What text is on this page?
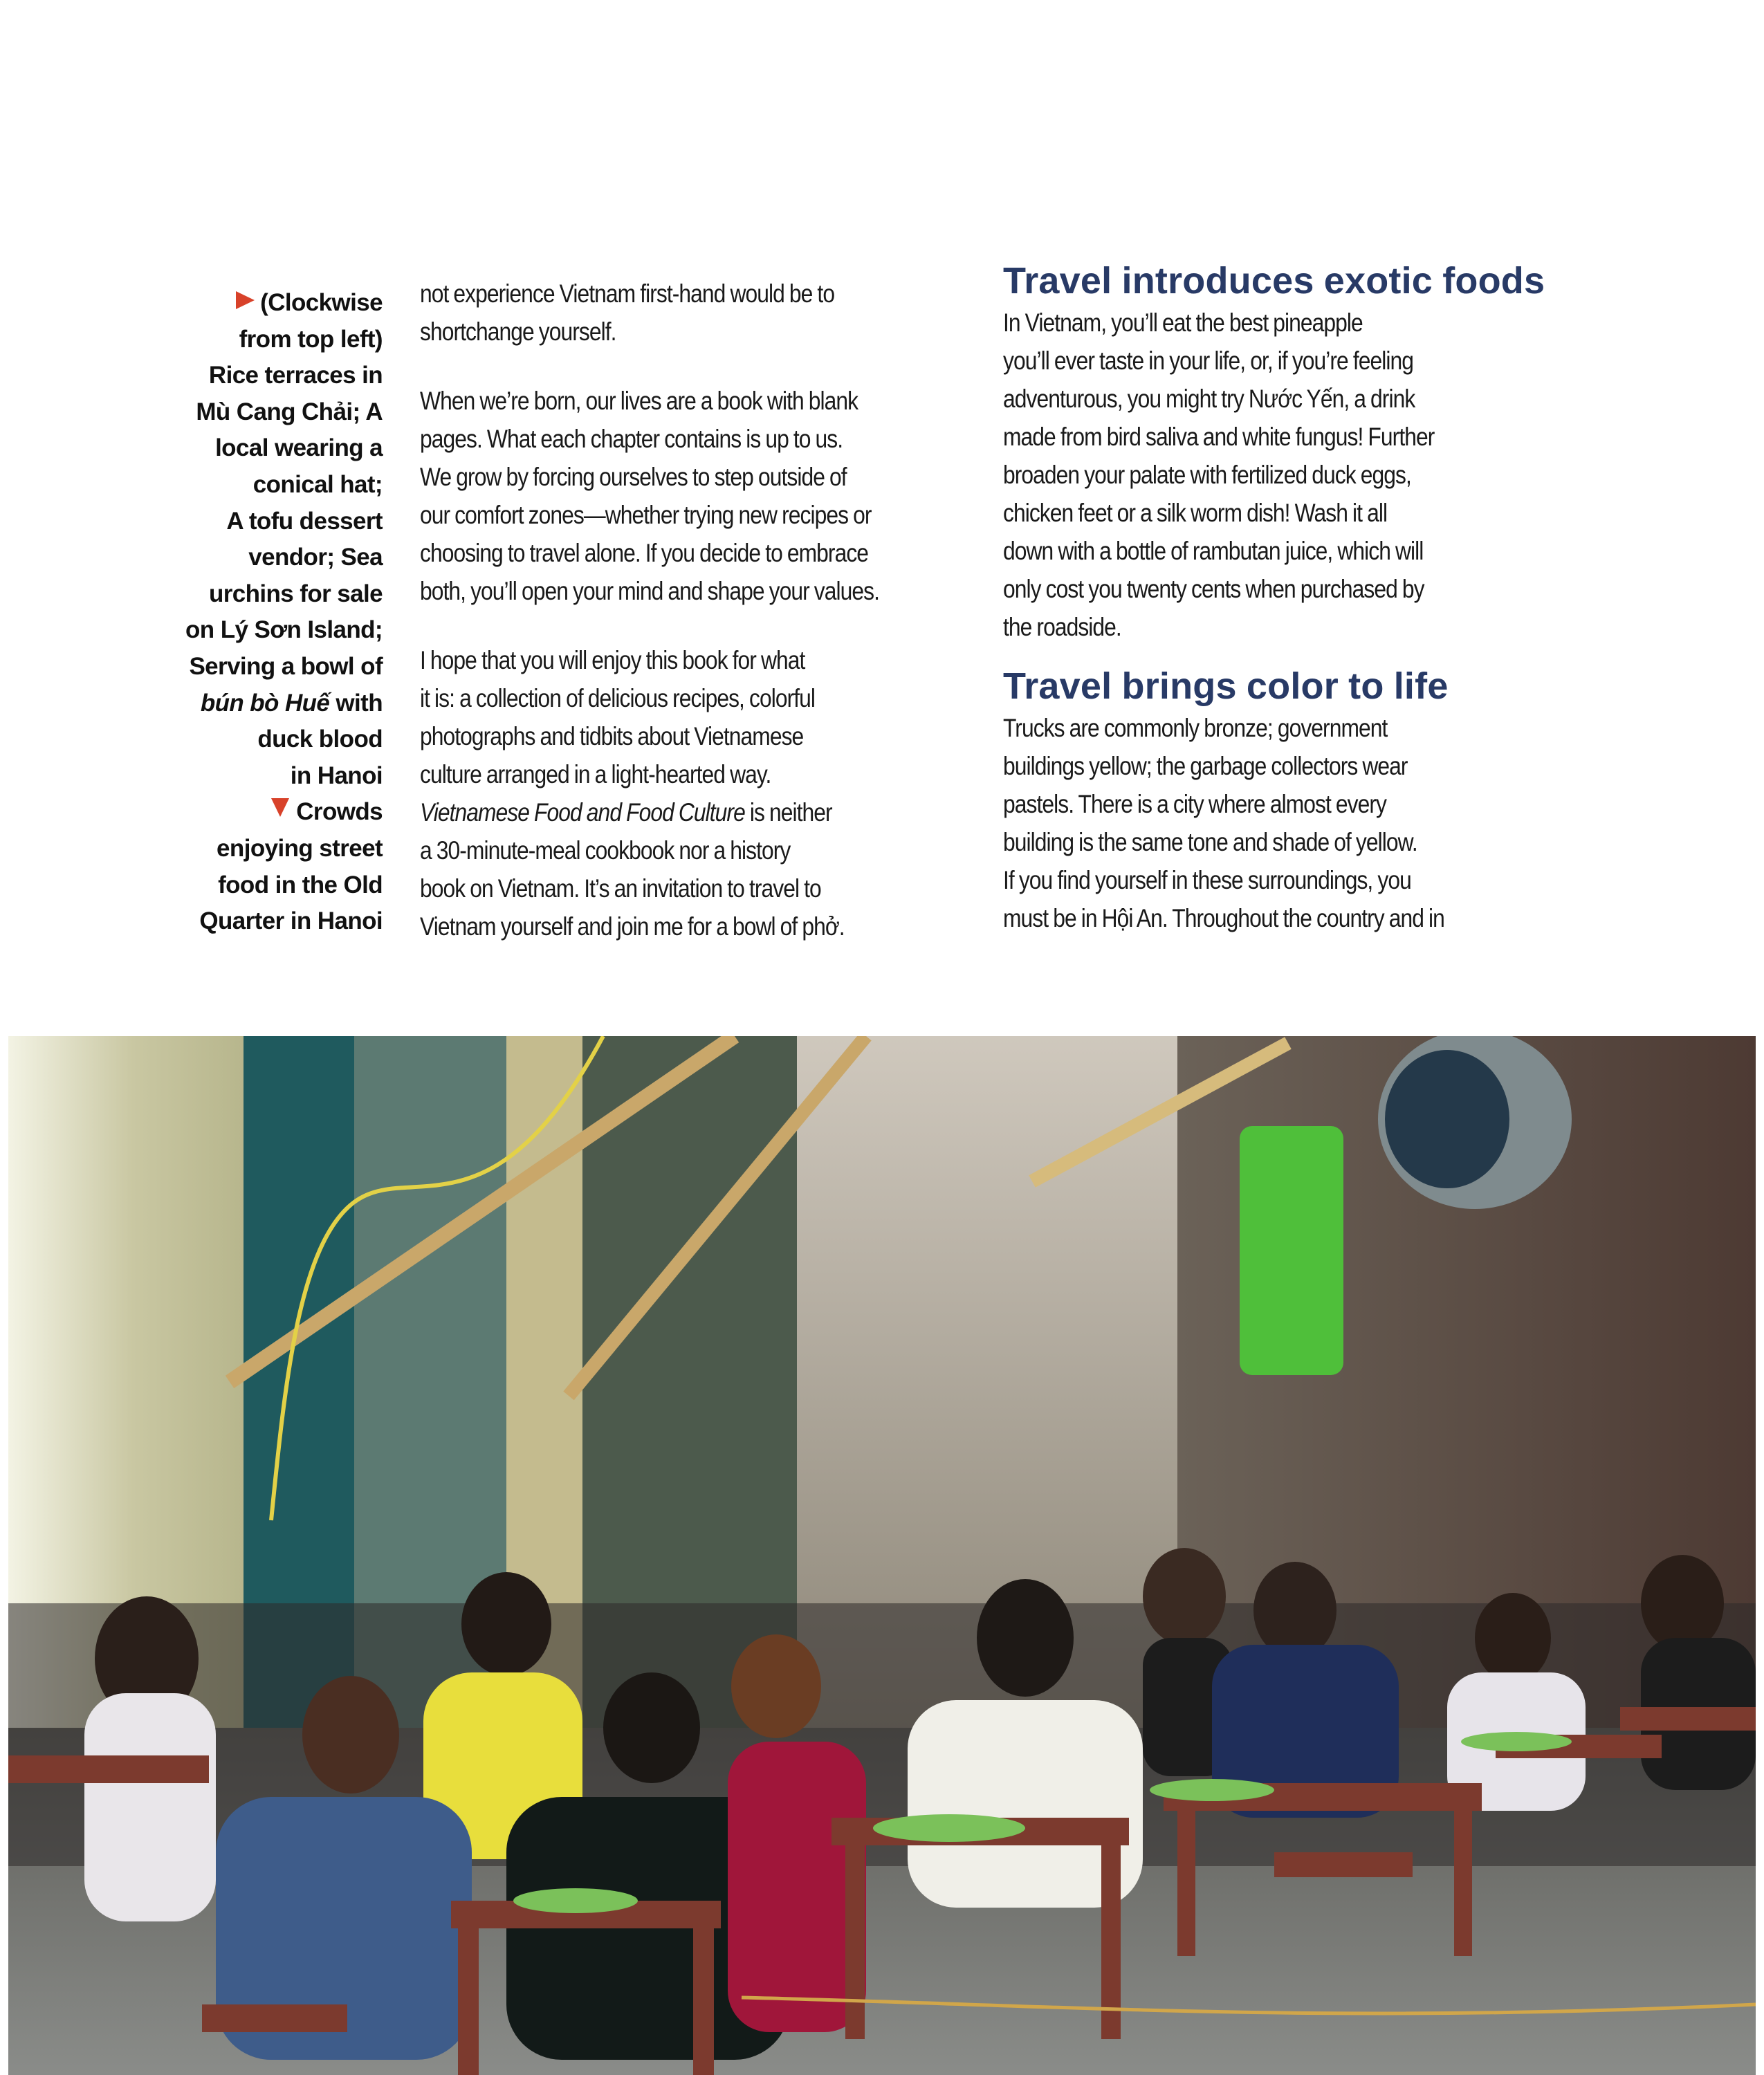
(Clockwise
from top left)
Rice terraces in
Mù Cang Chải; A
local wearing a
conical hat;
A tofu dessert
vendor; Sea
urchins for sale
on Lý Sơn Island;
Serving a bowl of
bún bò Huế with
duck blood
in Hanoi
Crowds
enjoying street
food in the Old
Quarter in Hanoi
not experience Vietnam first-hand would be to
shortchange yourself.
When we’re born, our lives are a book with blank
pages. What each chapter contains is up to us.
We grow by forcing ourselves to step outside of
our comfort zones—whether trying new recipes or
choosing to travel alone. If you decide to embrace
both, you’ll open your mind and shape your values.
I hope that you will enjoy this book for what
it is: a collection of delicious recipes, colorful
photographs and tidbits about Vietnamese
culture arranged in a light-hearted way.
Vietnamese Food and Food Culture is neither
a 30-minute-meal cookbook nor a history
book on Vietnam. It’s an invitation to travel to
Vietnam yourself and join me for a bowl of phở.
Travel introduces exotic foods
In Vietnam, you’ll eat the best pineapple
you’ll ever taste in your life, or, if you’re feeling
adventurous, you might try Nước Yến, a drink
made from bird saliva and white fungus! Further
broaden your palate with fertilized duck eggs,
chicken feet or a silk worm dish! Wash it all
down with a bottle of rambutan juice, which will
only cost you twenty cents when purchased by
the roadside.
Travel brings color to life
Trucks are commonly bronze; government
buildings yellow; the garbage collectors wear
pastels. There is a city where almost every
building is the same tone and shade of yellow.
If you find yourself in these surroundings, you
must be in Hội An. Throughout the country and in
